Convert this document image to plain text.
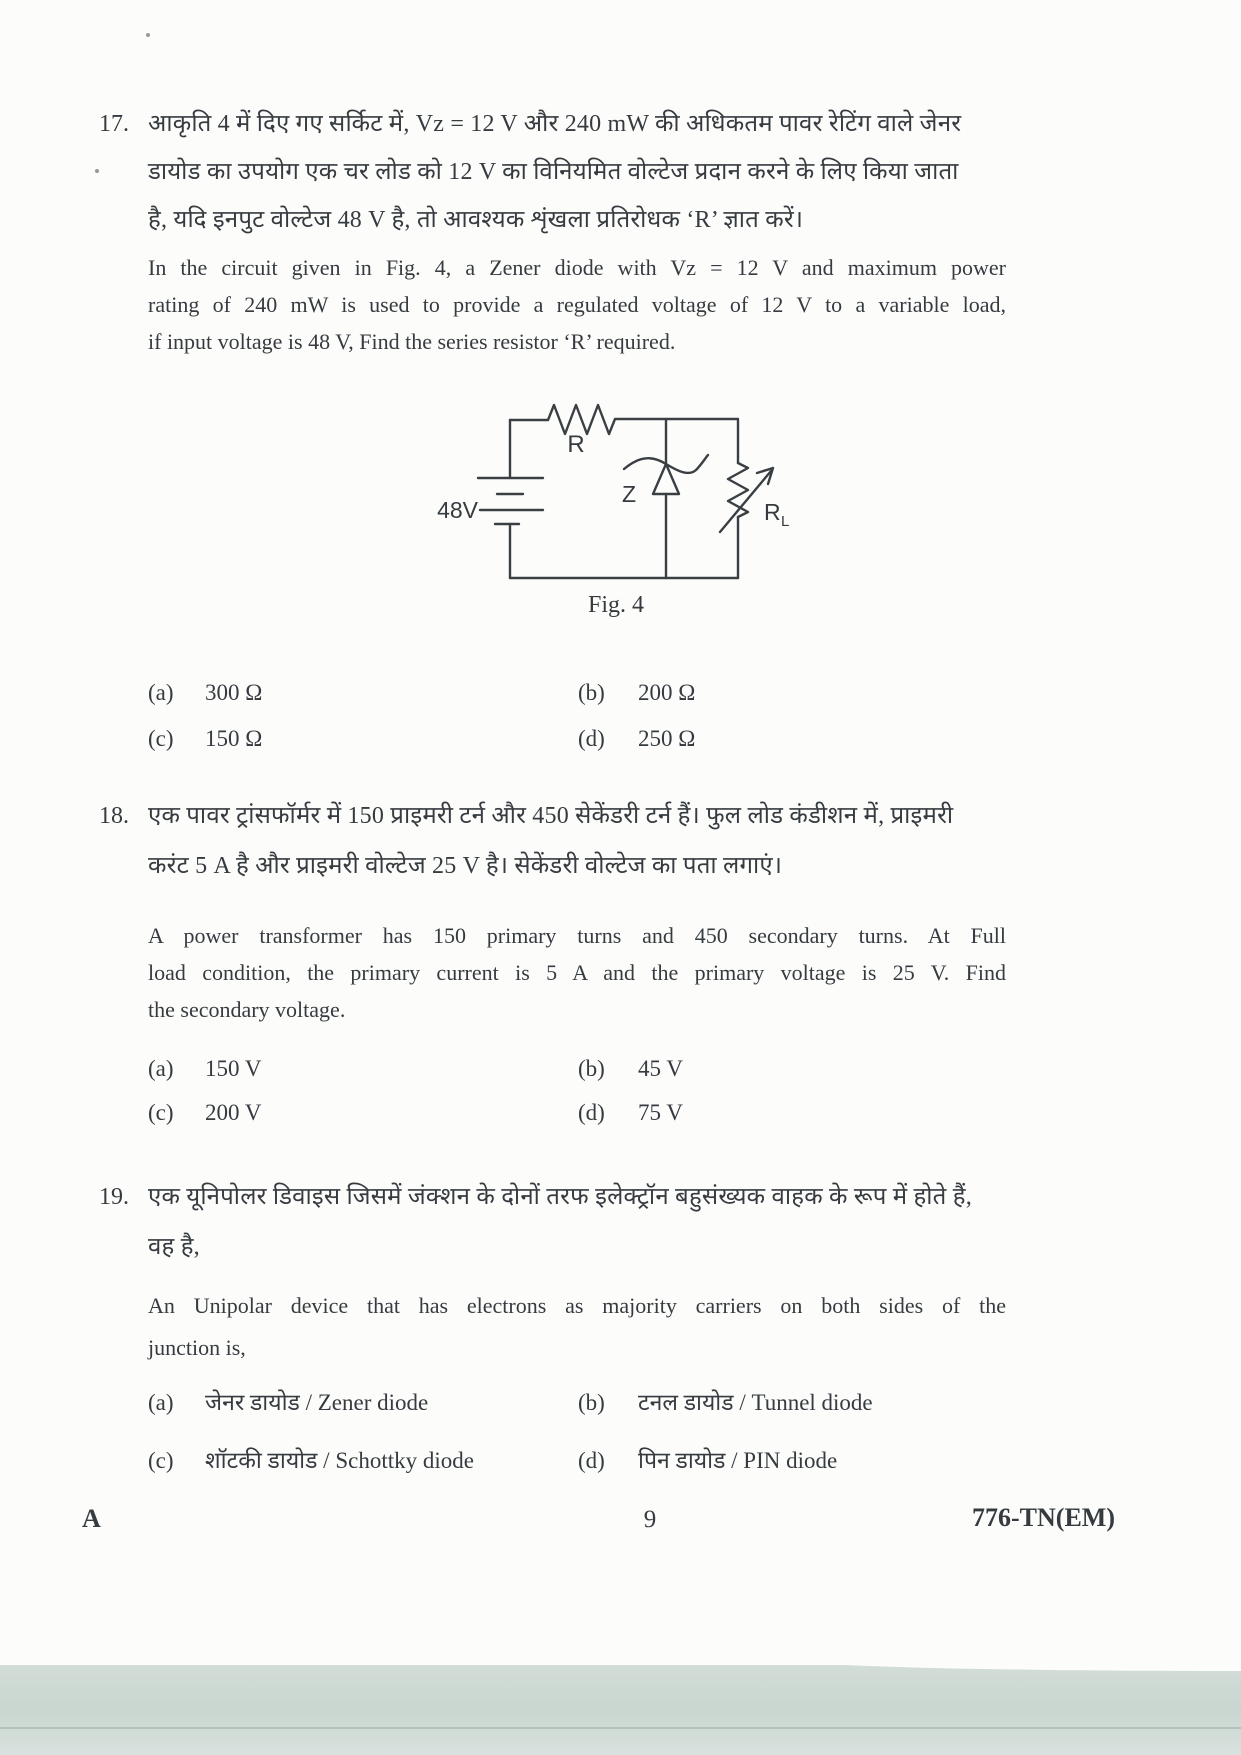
17. आकृति 4 में दिए गए सर्किट में, Vz = 12 V और 240 mW की अधिकतम पावर रेटिंग वाले जेनर
डायोड का उपयोग एक चर लोड को 12 V का विनियमित वोल्टेज प्रदान करने के लिए किया जाता
है, यदि इनपुट वोल्टेज 48 V है, तो आवश्यक शृंखला प्रतिरोधक ‘R’ ज्ञात करें।
In the circuit given in Fig. 4, a Zener diode with Vz = 12 V and maximum power
rating of 240 mW is used to provide a regulated voltage of 12 V to a variable load,
if input voltage is 48 V, Find the series resistor ‘R’ required.
R
48V
Z
R L
Fig. 4
(a) 300 Ω	(b) 200 Ω
(c) 150 Ω	(d) 250 Ω
18. एक पावर ट्रांसफॉर्मर में 150 प्राइमरी टर्न और 450 सेकेंडरी टर्न हैं। फुल लोड कंडीशन में, प्राइमरी
करंट 5 A है और प्राइमरी वोल्टेज 25 V है। सेकेंडरी वोल्टेज का पता लगाएं।
A power transformer has 150 primary turns and 450 secondary turns. At Full
load condition, the primary current is 5 A and the primary voltage is 25 V. Find
the secondary voltage.
(a) 150 V	(b) 45 V
(c) 200 V	(d) 75 V
19. एक यूनिपोलर डिवाइस जिसमें जंक्शन के दोनों तरफ इलेक्ट्रॉन बहुसंख्यक वाहक के रूप में होते हैं,
वह है,
An Unipolar device that has electrons as majority carriers on both sides of the
junction is,
(a) जेनर डायोड / Zener diode	(b) टनल डायोड / Tunnel diode
(c) शॉटकी डायोड / Schottky diode	(d) पिन डायोड / PIN diode
A	9	776-TN(EM)
